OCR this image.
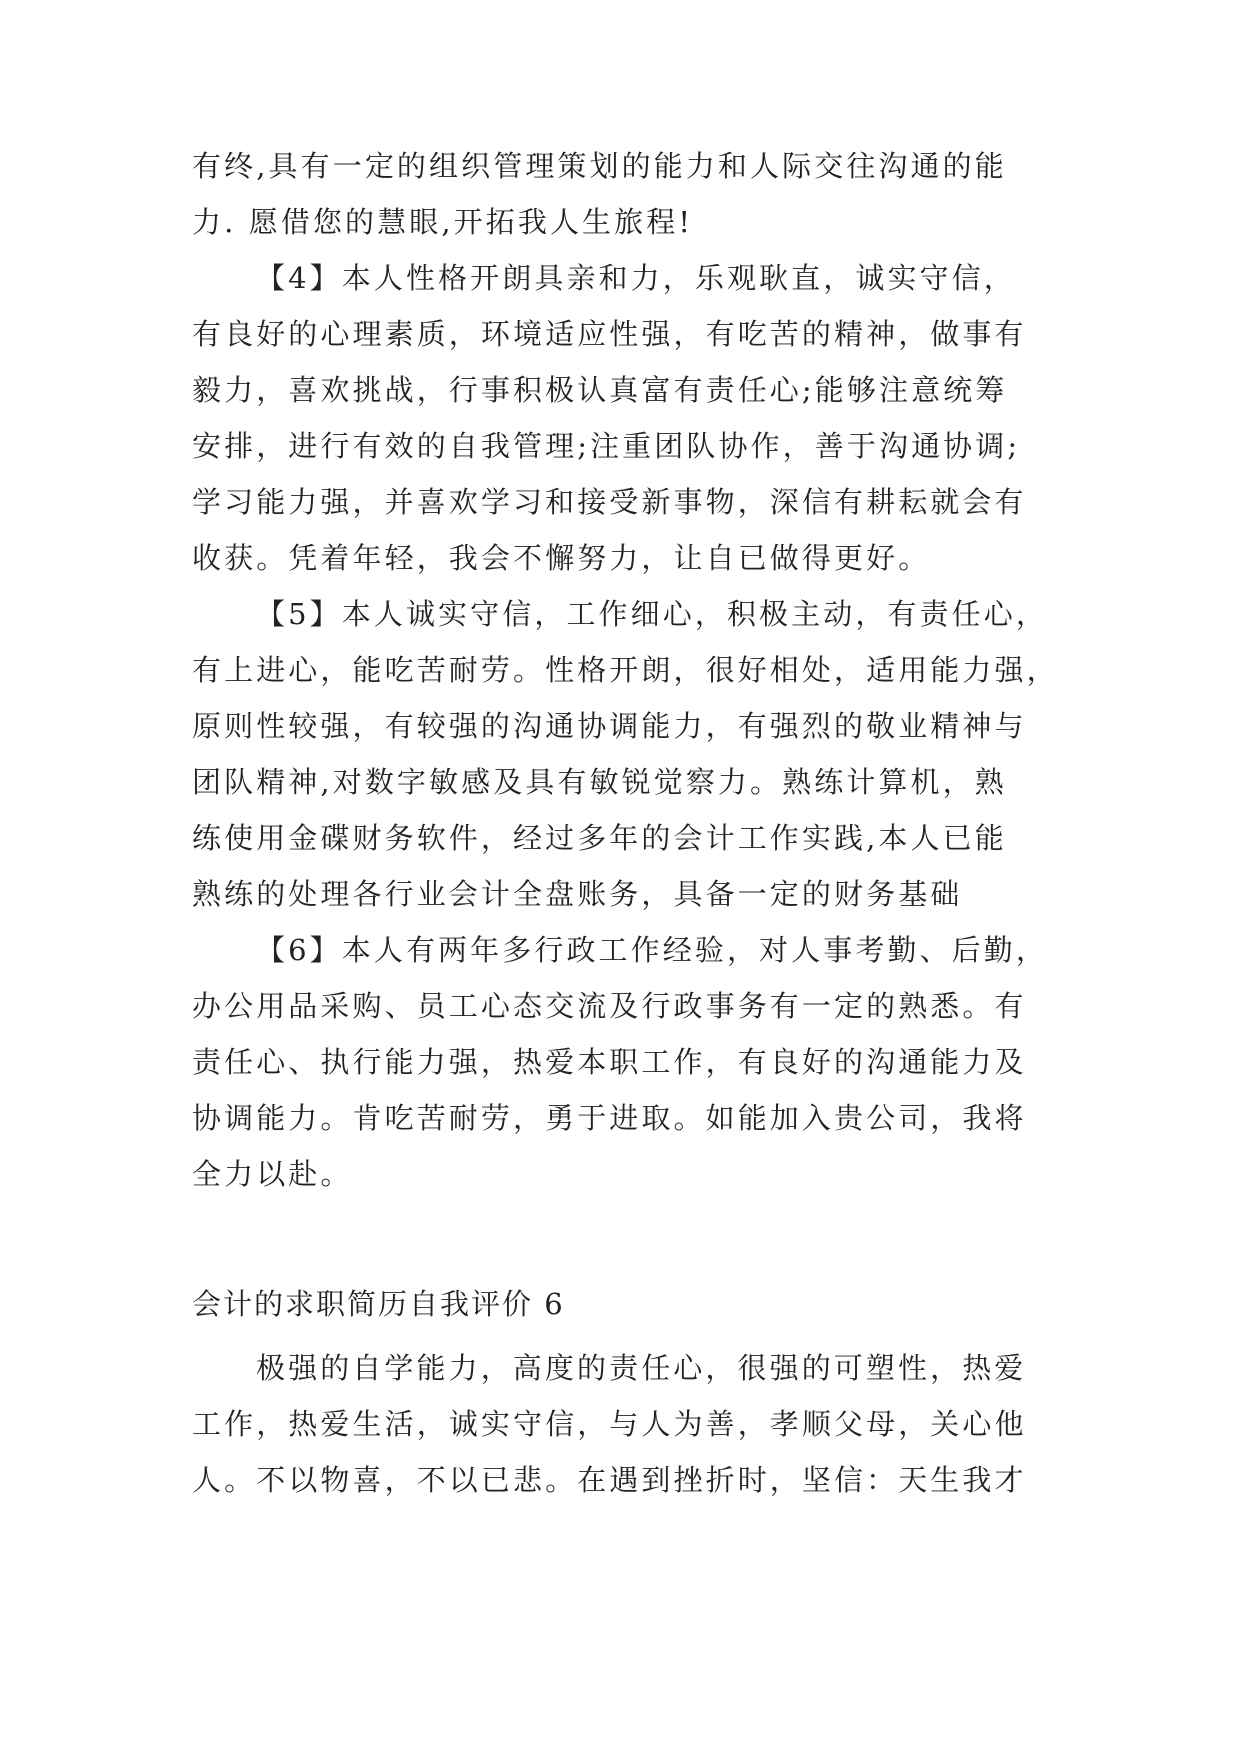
有终,具有一定的组织管理策划的能力和人际交往沟通的能
力. 愿借您的慧眼,开拓我人生旅程!
【4】本人性格开朗具亲和力，乐观耿直，诚实守信，
有良好的心理素质，环境适应性强，有吃苦的精神，做事有
毅力，喜欢挑战，行事积极认真富有责任心;能够注意统筹
安排，进行有效的自我管理;注重团队协作，善于沟通协调;
学习能力强，并喜欢学习和接受新事物，深信有耕耘就会有
收获。凭着年轻，我会不懈努力，让自已做得更好。
【5】本人诚实守信，工作细心，积极主动，有责任心，
有上进心，能吃苦耐劳。性格开朗，很好相处，适用能力强，
原则性较强，有较强的沟通协调能力，有强烈的敬业精神与
团队精神,对数字敏感及具有敏锐觉察力。熟练计算机，熟
练使用金碟财务软件，经过多年的会计工作实践,本人已能
熟练的处理各行业会计全盘账务，具备一定的财务基础
【6】本人有两年多行政工作经验，对人事考勤、后勤，
办公用品采购、员工心态交流及行政事务有一定的熟悉。有
责任心、执行能力强，热爱本职工作，有良好的沟通能力及
协调能力。肯吃苦耐劳，勇于进取。如能加入贵公司，我将
全力以赴。
会计的求职简历自我评价 6
极强的自学能力，高度的责任心，很强的可塑性，热爱
工作，热爱生活，诚实守信，与人为善，孝顺父母，关心他
人。不以物喜，不以已悲。在遇到挫折时，坚信：天生我才
